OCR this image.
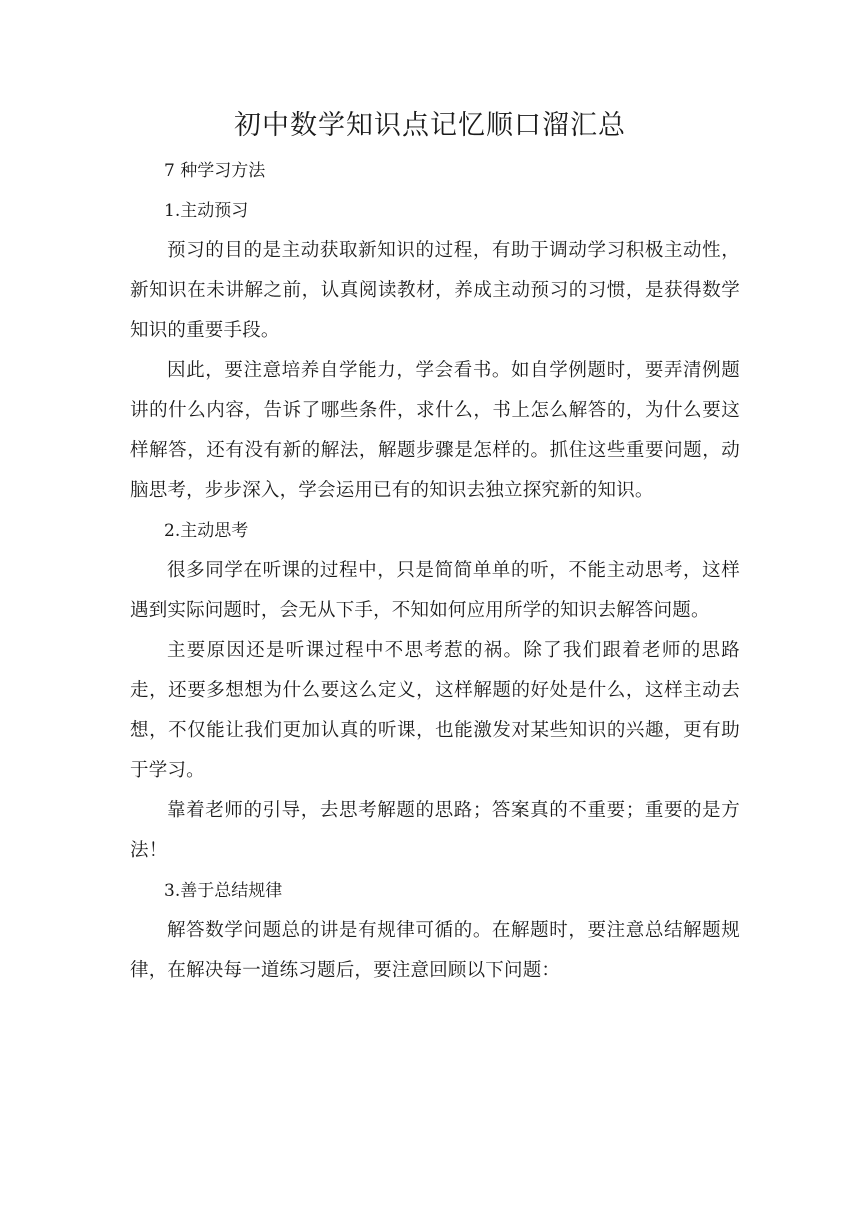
初中数学知识点记忆顺口溜汇总

7 种学习方法

1.主动预习

预习的目的是主动获取新知识的过程，有助于调动学习积极主动性，新知识在未讲解之前，认真阅读教材，养成主动预习的习惯，是获得数学知识的重要手段。

因此，要注意培养自学能力，学会看书。如自学例题时，要弄清例题讲的什么内容，告诉了哪些条件，求什么，书上怎么解答的，为什么要这样解答，还有没有新的解法，解题步骤是怎样的。抓住这些重要问题，动脑思考，步步深入，学会运用已有的知识去独立探究新的知识。

2.主动思考

很多同学在听课的过程中，只是简简单单的听，不能主动思考，这样遇到实际问题时，会无从下手，不知如何应用所学的知识去解答问题。

主要原因还是听课过程中不思考惹的祸。除了我们跟着老师的思路走，还要多想想为什么要这么定义，这样解题的好处是什么，这样主动去想，不仅能让我们更加认真的听课，也能激发对某些知识的兴趣，更有助于学习。

靠着老师的引导，去思考解题的思路；答案真的不重要；重要的是方法！

3.善于总结规律

解答数学问题总的讲是有规律可循的。在解题时，要注意总结解题规律，在解决每一道练习题后，要注意回顾以下问题：
